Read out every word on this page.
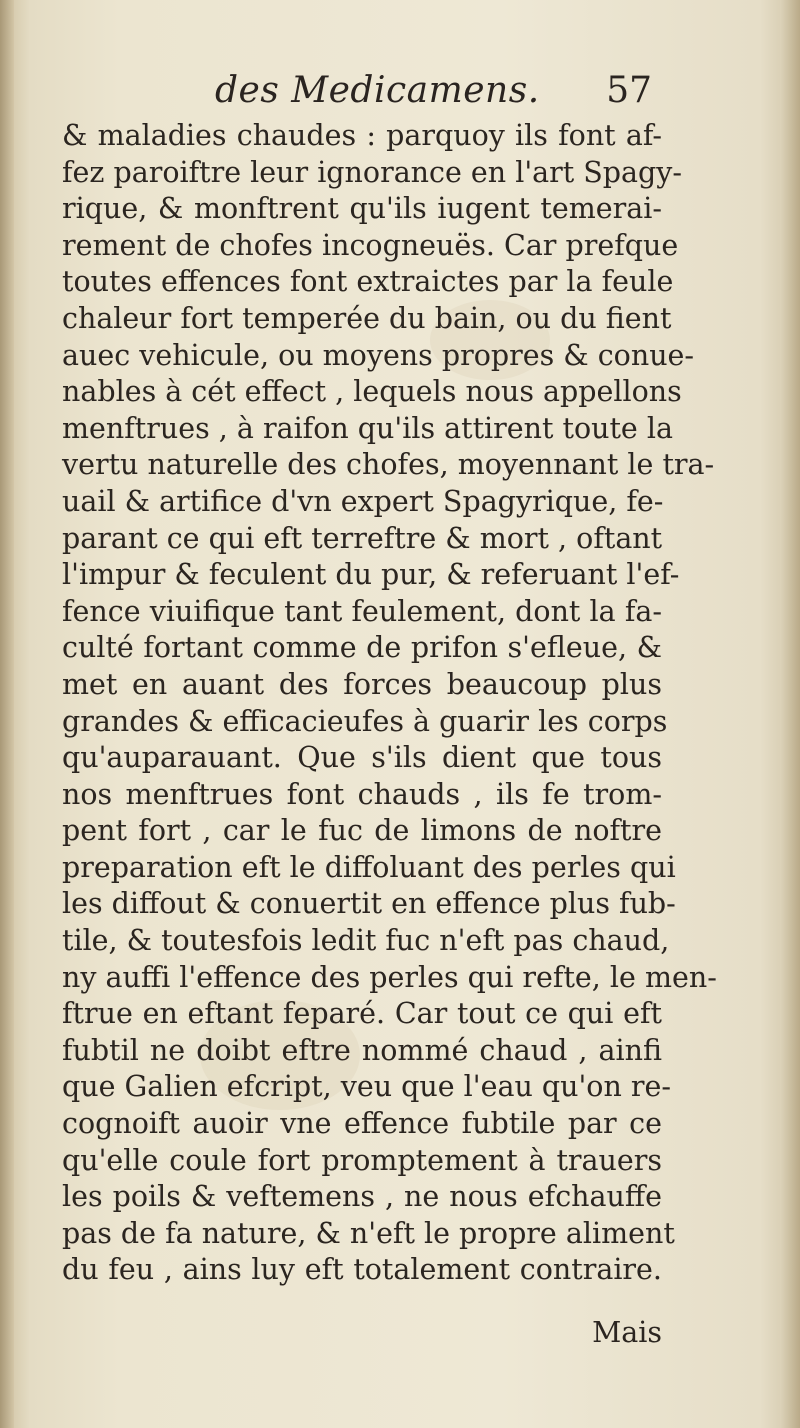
des Medicamens. 57
& maladies chaudes : parquoy ils font af-
fez paroiftre leur ignorance en l'art Spagy-
rique, & monftrent qu'ils iugent temerai-
rement de chofes incogneuës. Car prefque
toutes effences font extraictes par la feule
chaleur fort temperée du bain, ou du fient
auec vehicule, ou moyens propres & conue-
nables à cét effect , lequels nous appellons
menftrues , à raifon qu'ils attirent toute la
vertu naturelle des chofes, moyennant le tra-
uail & artifice d'vn expert Spagyrique, fe-
parant ce qui eft terreftre & mort , oftant
l'impur & feculent du pur, & referuant l'ef-
fence viuifique tant feulement, dont la fa-
culté fortant comme de prifon s'efleue, &
met en auant des forces beaucoup plus
grandes & efficacieufes à guarir les corps
qu'auparauant. Que s'ils dient que tous
nos menftrues font chauds , ils fe trom-
pent fort , car le fuc de limons de noftre
preparation eft le diffoluant des perles qui
les diffout & conuertit en effence plus fub-
tile, & toutesfois ledit fuc n'eft pas chaud,
ny auffi l'effence des perles qui refte, le men-
ftrue en eftant feparé. Car tout ce qui eft
fubtil ne doibt eftre nommé chaud , ainfi
que Galien efcript, veu que l'eau qu'on re-
cognoift auoir vne effence fubtile par ce
qu'elle coule fort promptement à trauers
les poils & veftemens , ne nous efchauffe
pas de fa nature, & n'eft le propre aliment
du feu , ains luy eft totalement contraire.
Mais
